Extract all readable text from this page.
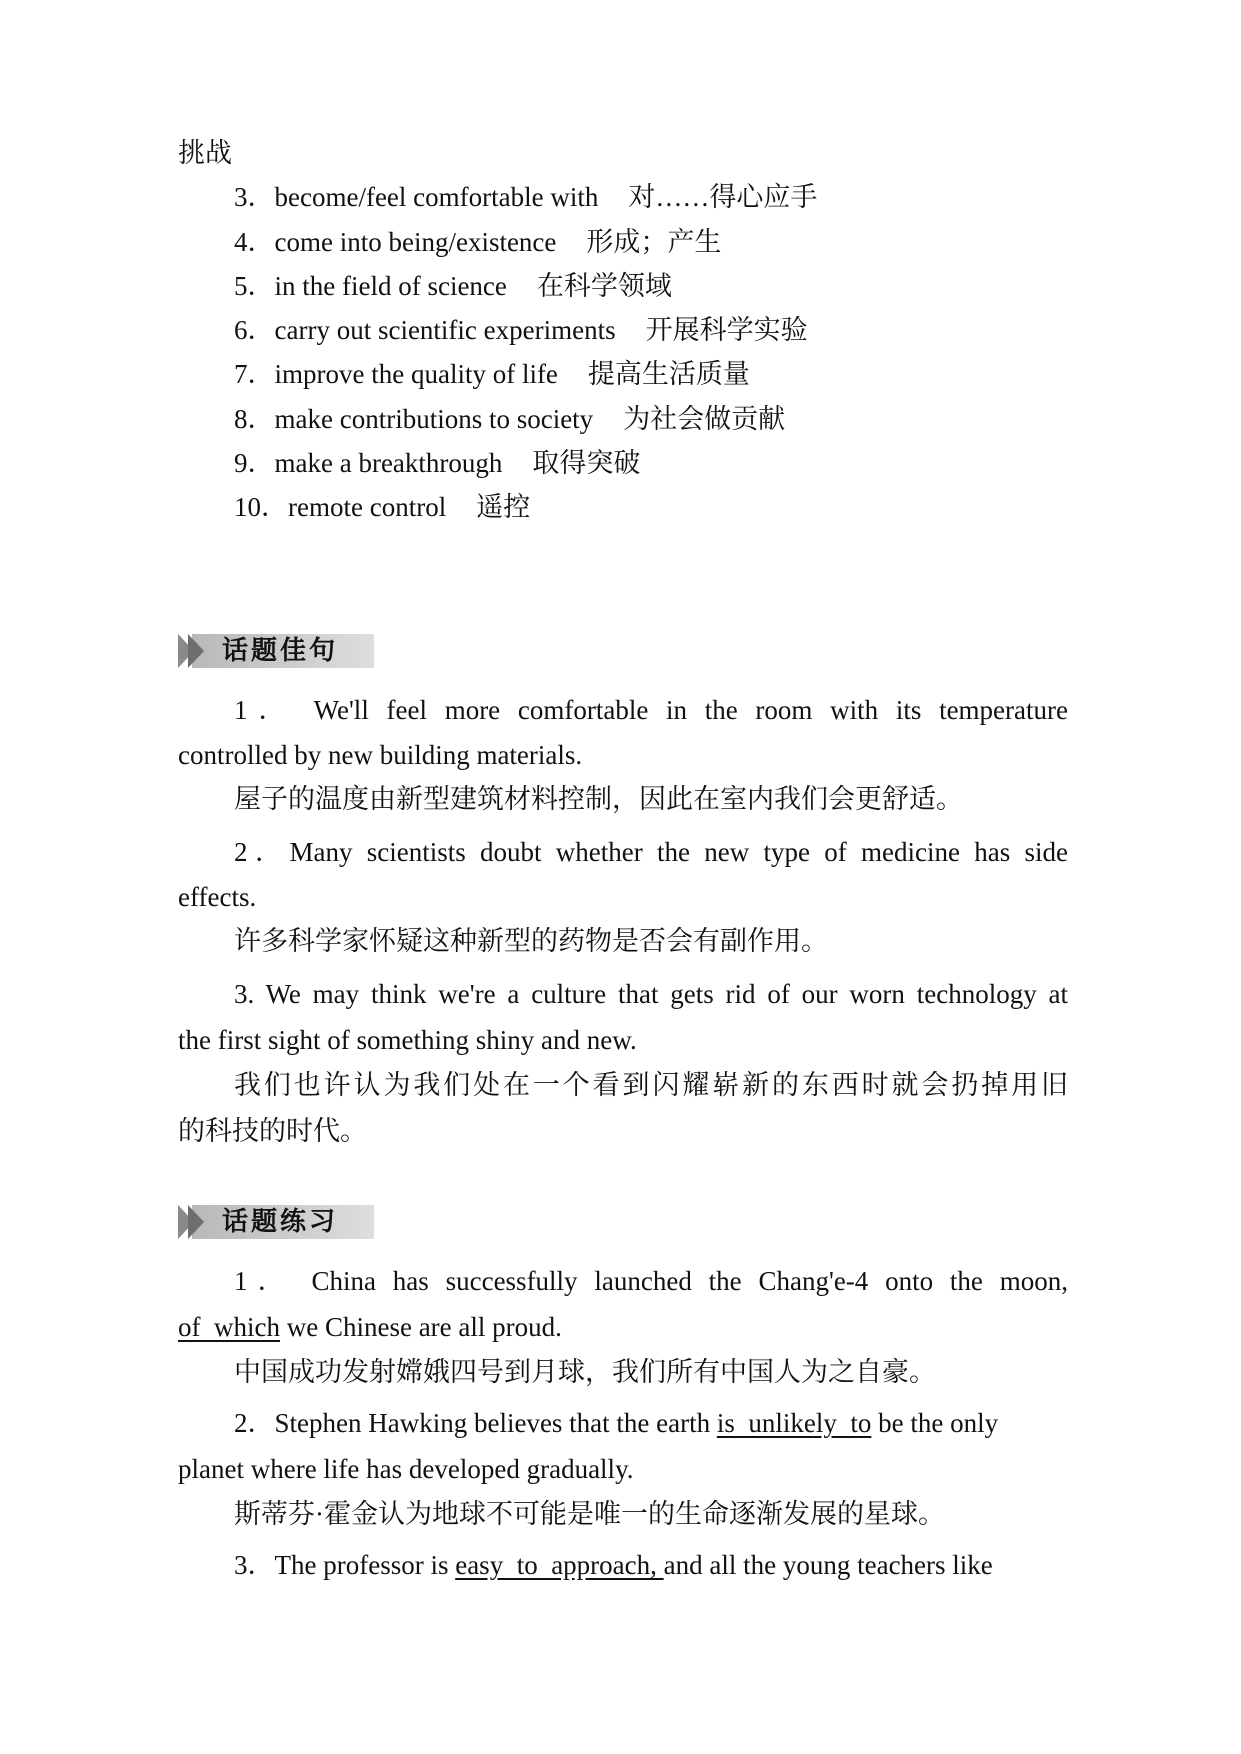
挑战
3．become/feel comfortable with 对……得心应手
4．come into being/existence 形成；产生
5．in the field of science 在科学领域
6．carry out scientific experiments 开展科学实验
7．improve the quality of life 提高生活质量
8．make contributions to society 为社会做贡献
9．make a breakthrough 取得突破
10．remote control 遥控
话题佳句
1． We'll feel more comfortable in the room with its temperature
controlled by new building materials.
屋子的温度由新型建筑材料控制，因此在室内我们会更舒适。
2．Many scientists doubt whether the new type of medicine has side
effects.
许多科学家怀疑这种新型的药物是否会有副作用。
3. We may think we're a culture that gets rid of our worn technology at
the first sight of something shiny and new.
我们也许认为我们处在一个看到闪耀崭新的东西时就会扔掉用旧
的科技的时代。
话题练习
1． China has successfully launched the Chang'e-4 onto the moon,
of  which we Chinese are all proud.
中国成功发射嫦娥四号到月球，我们所有中国人为之自豪。
2．Stephen Hawking believes that the earth is  unlikely  to be the only
planet where life has developed gradually.
斯蒂芬·霍金认为地球不可能是唯一的生命逐渐发展的星球。
3．The professor is easy  to  approach, and all the young teachers like
